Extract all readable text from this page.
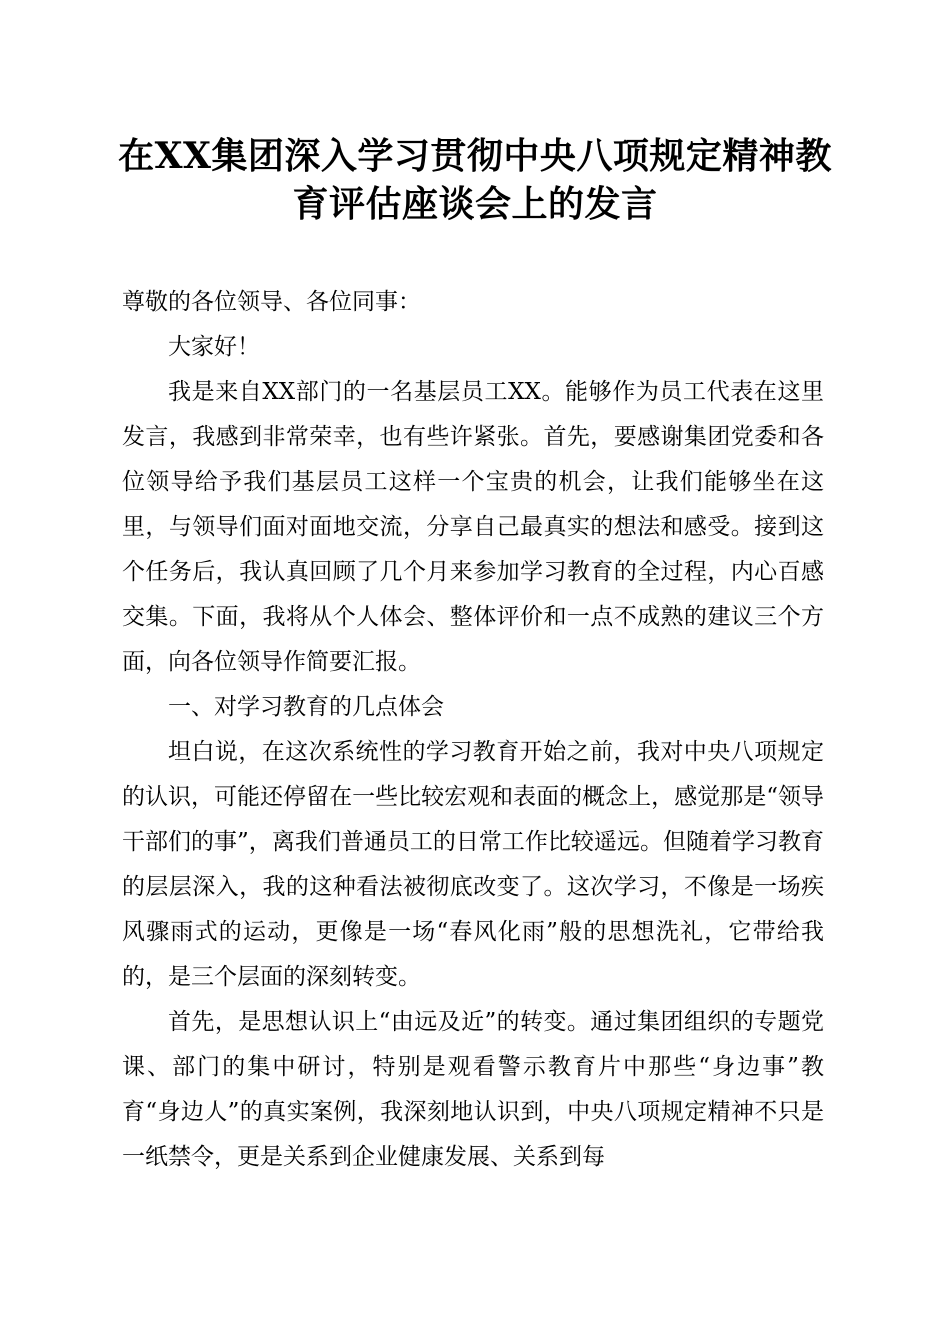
在XX集团深入学习贯彻中央八项规定精神教育评估座谈会上的发言

尊敬的各位领导、各位同事：

大家好！

我是来自XX部门的一名基层员工XX。能够作为员工代表在这里发言，我感到非常荣幸，也有些许紧张。首先，要感谢集团党委和各位领导给予我们基层员工这样一个宝贵的机会，让我们能够坐在这里，与领导们面对面地交流，分享自己最真实的想法和感受。接到这个任务后，我认真回顾了几个月来参加学习教育的全过程，内心百感交集。下面，我将从个人体会、整体评价和一点不成熟的建议三个方面，向各位领导作简要汇报。

一、对学习教育的几点体会

坦白说，在这次系统性的学习教育开始之前，我对中央八项规定的认识，可能还停留在一些比较宏观和表面的概念上，感觉那是“领导干部们的事”，离我们普通员工的日常工作比较遥远。但随着学习教育的层层深入，我的这种看法被彻底改变了。这次学习，不像是一场疾风骤雨式的运动，更像是一场“春风化雨”般的思想洗礼，它带给我的，是三个层面的深刻转变。

首先，是思想认识上“由远及近”的转变。通过集团组织的专题党课、部门的集中研讨，特别是观看警示教育片中那些“身边事”教育“身边人”的真实案例，我深刻地认识到，中央八项规定精神不只是一纸禁令，更是关系到企业健康发展、关系到每
